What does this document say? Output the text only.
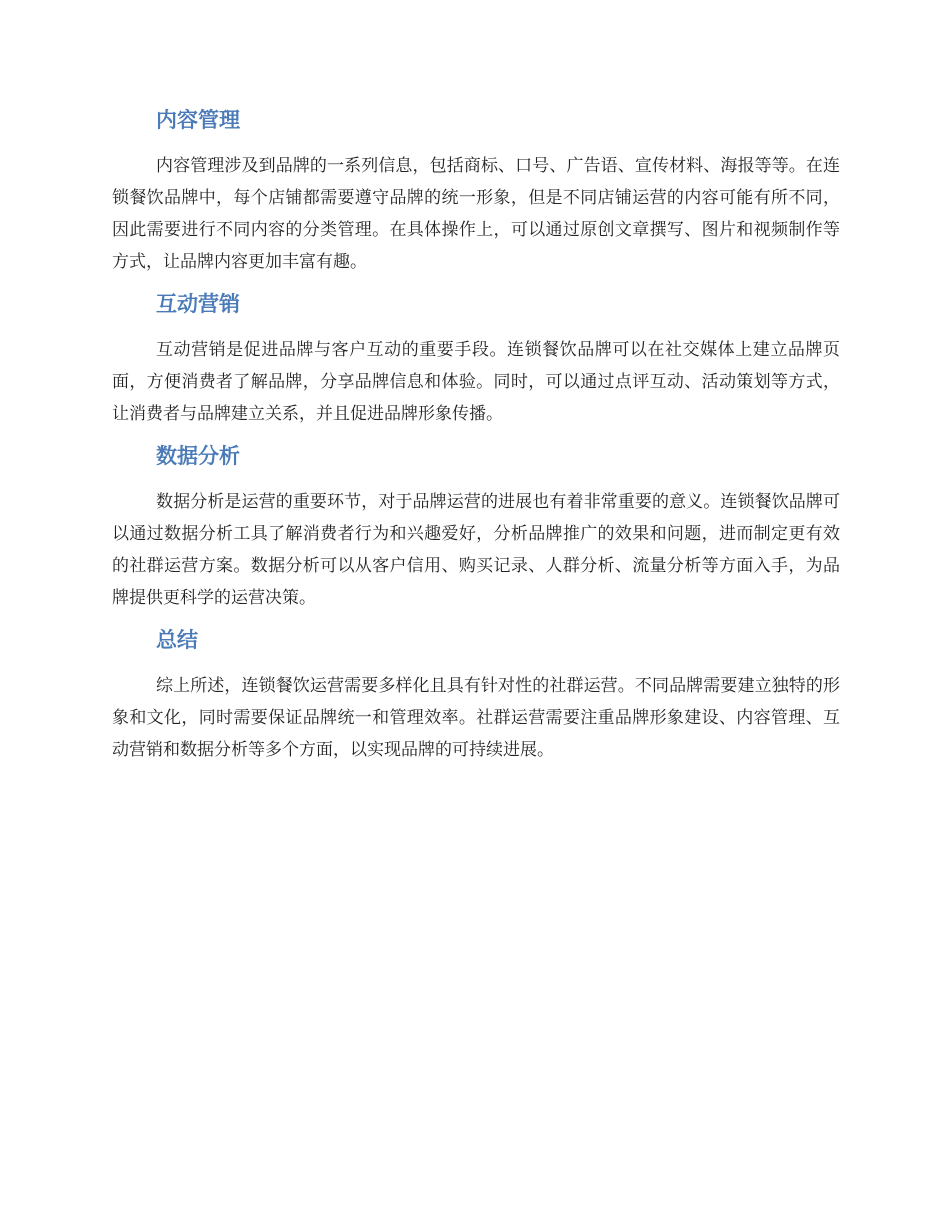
内容管理

内容管理涉及到品牌的一系列信息，包括商标、口号、广告语、宣传材料、海报等等。在连锁餐饮品牌中，每个店铺都需要遵守品牌的统一形象，但是不同店铺运营的内容可能有所不同，因此需要进行不同内容的分类管理。在具体操作上，可以通过原创文章撰写、图片和视频制作等方式，让品牌内容更加丰富有趣。

互动营销

互动营销是促进品牌与客户互动的重要手段。连锁餐饮品牌可以在社交媒体上建立品牌页面，方便消费者了解品牌，分享品牌信息和体验。同时，可以通过点评互动、活动策划等方式，让消费者与品牌建立关系，并且促进品牌形象传播。

数据分析

数据分析是运营的重要环节，对于品牌运营的进展也有着非常重要的意义。连锁餐饮品牌可以通过数据分析工具了解消费者行为和兴趣爱好，分析品牌推广的效果和问题，进而制定更有效的社群运营方案。数据分析可以从客户信用、购买记录、人群分析、流量分析等方面入手，为品牌提供更科学的运营决策。

总结

综上所述，连锁餐饮运营需要多样化且具有针对性的社群运营。不同品牌需要建立独特的形象和文化，同时需要保证品牌统一和管理效率。社群运营需要注重品牌形象建设、内容管理、互动营销和数据分析等多个方面，以实现品牌的可持续进展。
